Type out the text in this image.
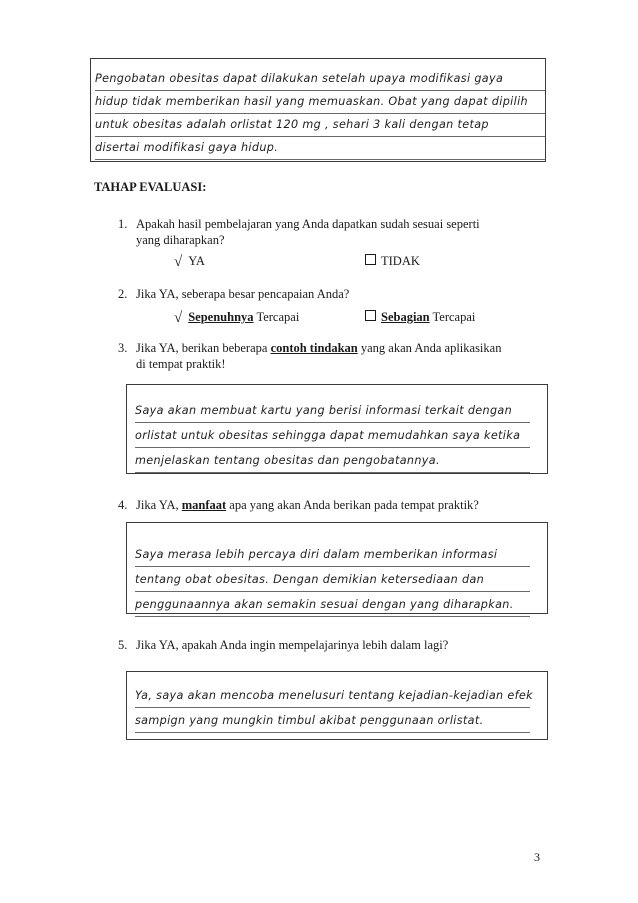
Pengobatan obesitas dapat dilakukan setelah upaya modifikasi gaya
hidup tidak memberikan hasil yang memuaskan. Obat yang dapat dipilih
untuk obesitas adalah orlistat 120 mg , sehari 3 kali dengan tetap
disertai modifikasi gaya hidup.
TAHAP EVALUASI:
1. Apakah hasil pembelajaran yang Anda dapatkan sudah sesuai seperti
yang diharapkan?
√ YA	TIDAK
2. Jika YA, seberapa besar pencapaian Anda?
√ Sepenuhnya Tercapai	Sebagian Tercapai
3. Jika YA, berikan beberapa contoh tindakan yang akan Anda aplikasikan
di tempat praktik!
Saya akan membuat kartu yang berisi informasi terkait dengan
orlistat untuk obesitas sehingga dapat memudahkan saya ketika
menjelaskan tentang obesitas dan pengobatannya.
4. Jika YA, manfaat apa yang akan Anda berikan pada tempat praktik?
Saya merasa lebih percaya diri dalam memberikan informasi
tentang obat obesitas. Dengan demikian ketersediaan dan
penggunaannya akan semakin sesuai dengan yang diharapkan.
5. Jika YA, apakah Anda ingin mempelajarinya lebih dalam lagi?
Ya, saya akan mencoba menelusuri tentang kejadian-kejadian efek
sampign yang mungkin timbul akibat penggunaan orlistat.
3
